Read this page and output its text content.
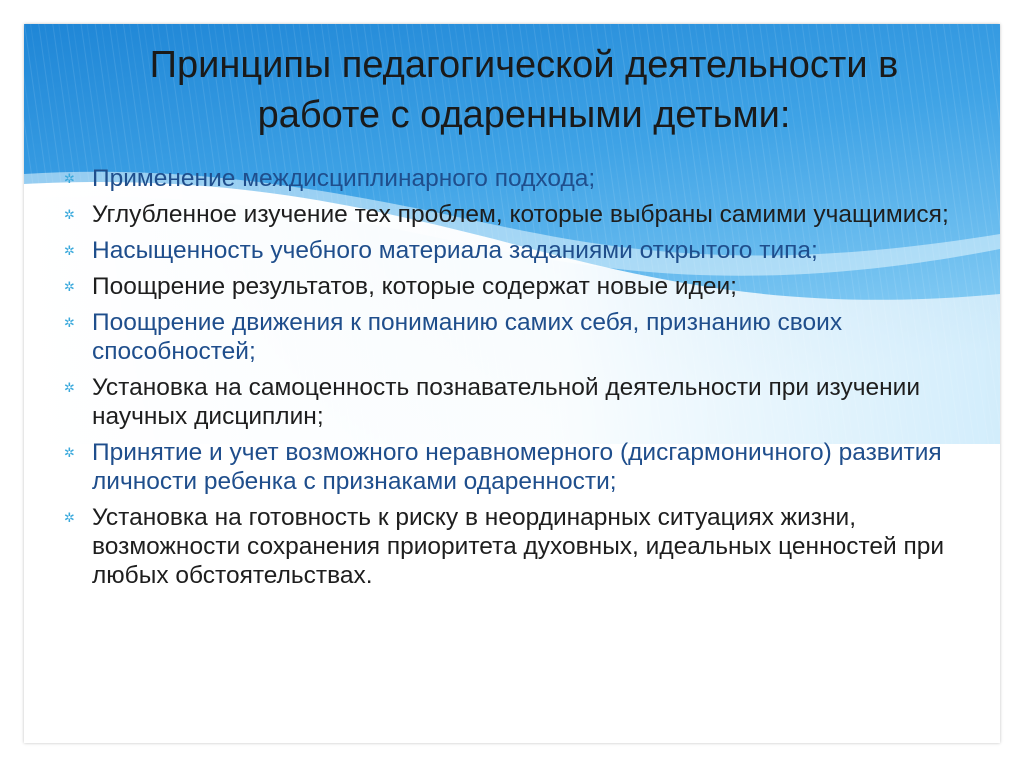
Принципы педагогической деятельности в
работе с одаренными детьми:
✲ Применение междисциплинарного подхода;
✲ Углубленное изучение тех проблем, которые выбраны самими учащимися;
✲ Насыщенность учебного материала заданиями открытого типа;
✲ Поощрение результатов, которые содержат новые идеи;
✲ Поощрение движения к пониманию самих себя, признанию своих способностей;
✲ Установка на самоценность познавательной деятельности при изучении научных дисциплин;
✲ Принятие и учет возможного неравномерного (дисгармоничного) развития личности ребенка с признаками одаренности;
✲ Установка на готовность к риску в неординарных ситуациях жизни, возможности сохранения приоритета духовных, идеальных ценностей при любых обстоятельствах.
